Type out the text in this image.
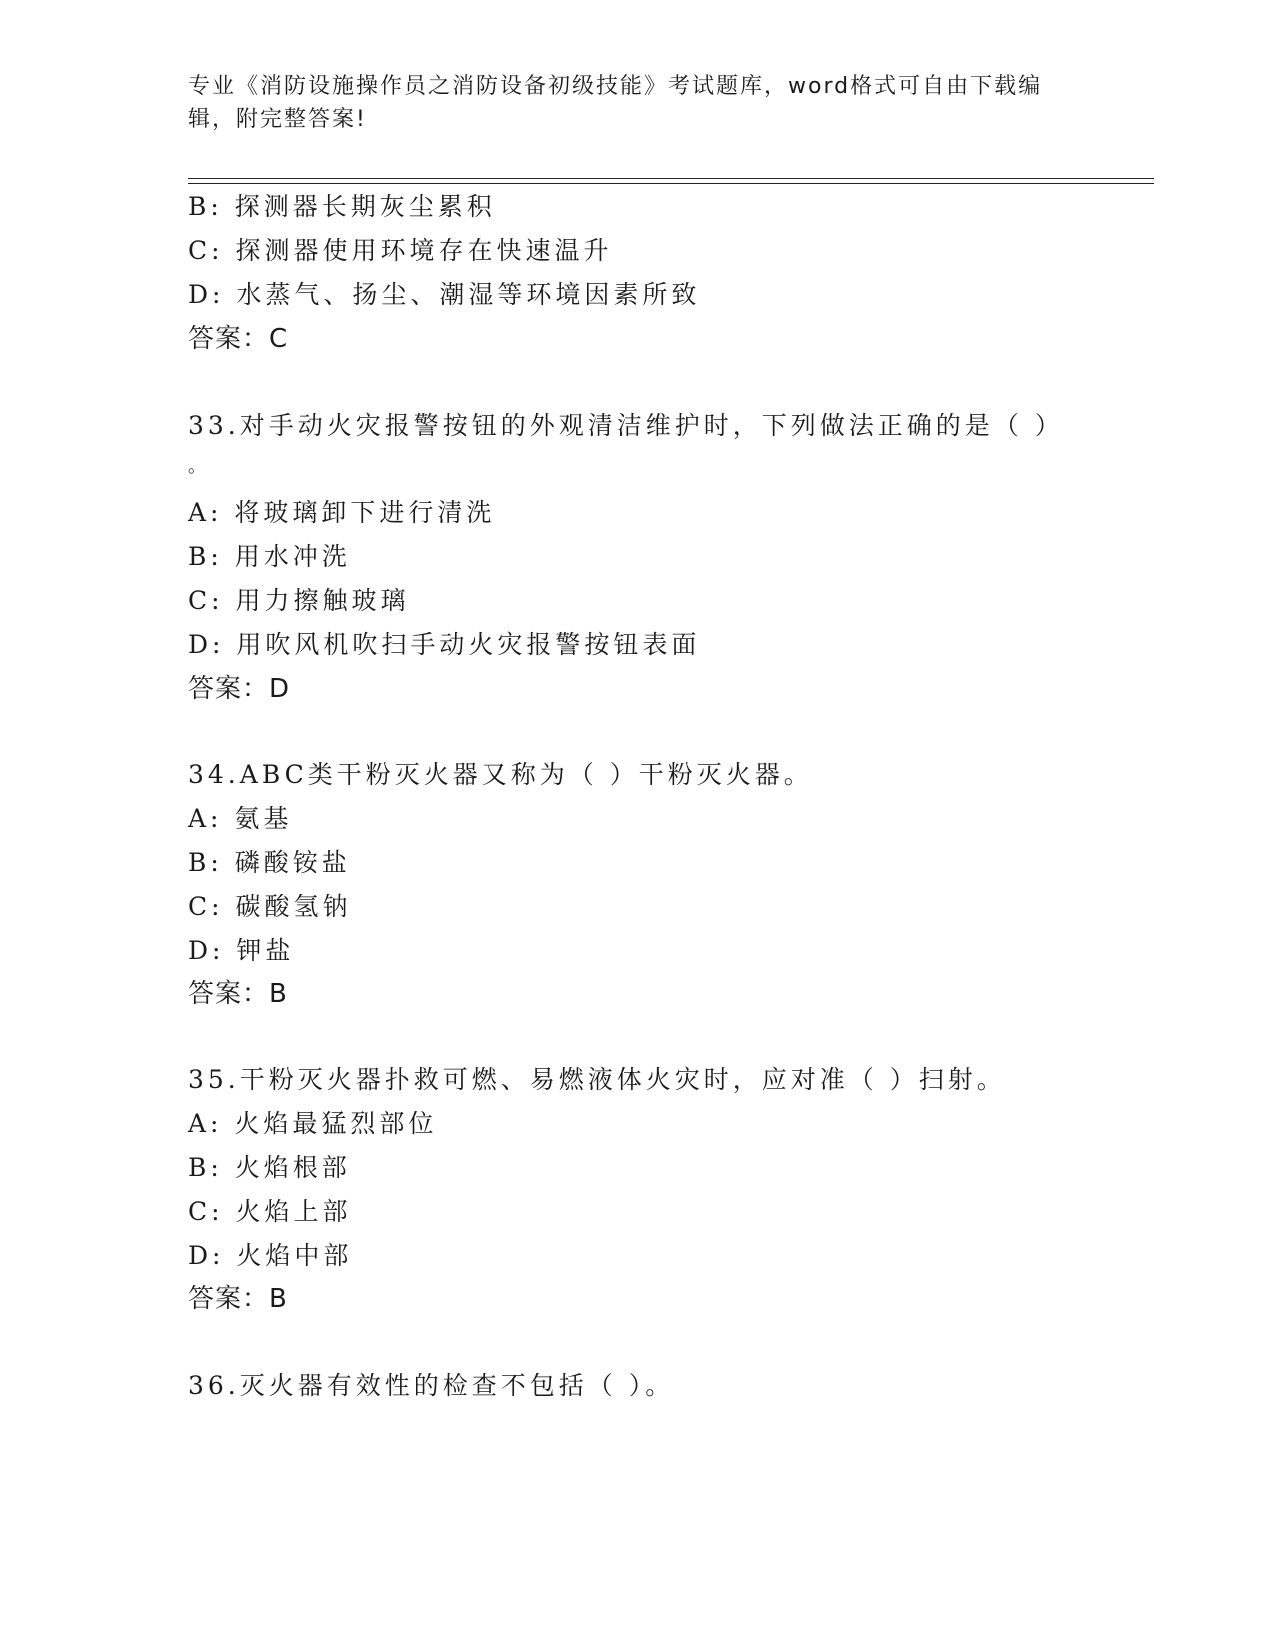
专业《消防设施操作员之消防设备初级技能》考试题库，word格式可自由下载编
辑，附完整答案!
B: 探测器长期灰尘累积
C: 探测器使用环境存在快速温升
D: 水蒸气、扬尘、潮湿等环境因素所致
答案：C
33.对手动火灾报警按钮的外观清洁维护时，下列做法正确的是（ ）
。
A: 将玻璃卸下进行清洗
B: 用水冲洗
C: 用力擦触玻璃
D: 用吹风机吹扫手动火灾报警按钮表面
答案：D
34.ABC类干粉灭火器又称为（ ）干粉灭火器。
A: 氨基
B: 磷酸铵盐
C: 碳酸氢钠
D: 钾盐
答案：B
35.干粉灭火器扑救可燃、易燃液体火灾时，应对准（ ）扫射。
A: 火焰最猛烈部位
B: 火焰根部
C: 火焰上部
D: 火焰中部
答案：B
36.灭火器有效性的检查不包括（ ）。
